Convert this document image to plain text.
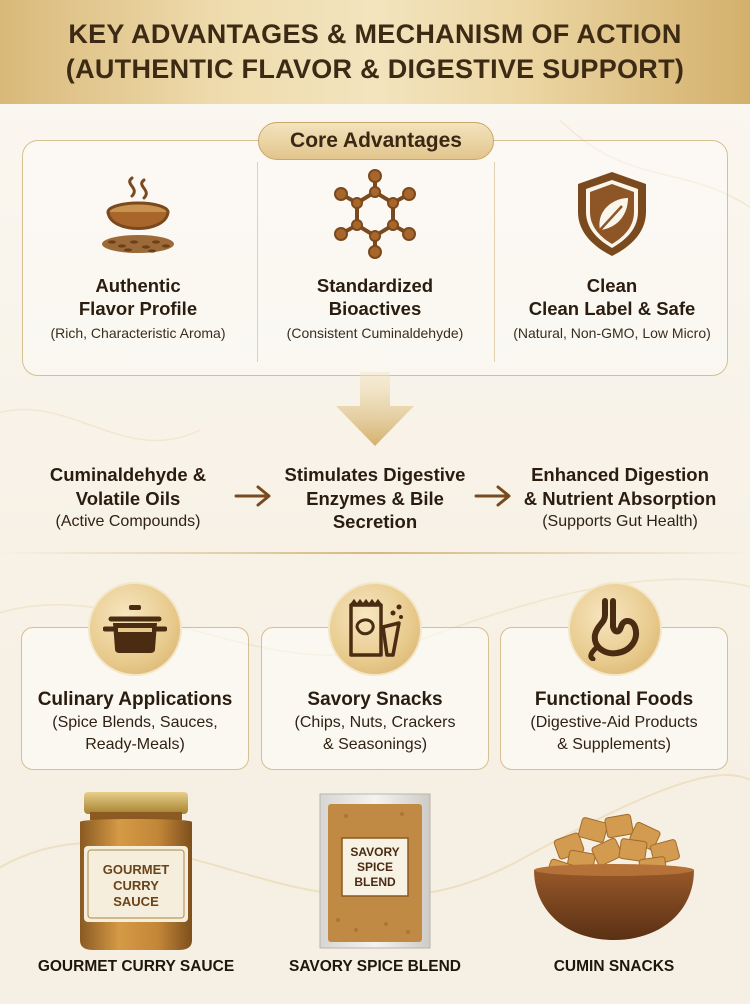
KEY ADVANTAGES & MECHANISM OF ACTION
(AUTHENTIC FLAVOR & DIGESTIVE SUPPORT)
Core Advantages
Authentic
Flavor Profile
(Rich, Characteristic Aroma)
Standardized
Bioactives
(Consistent Cuminaldehyde)
Clean
Clean Label & Safe
(Natural, Non-GMO, Low Micro)
Cuminaldehyde &
Volatile Oils
(Active Compounds)
Stimulates Digestive
Enzymes & Bile
Secretion
Enhanced Digestion
& Nutrient Absorption
(Supports Gut Health)
Culinary Applications
(Spice Blends, Sauces,
Ready-Meals)
Savory Snacks
(Chips, Nuts, Crackers
& Seasonings)
Functional Foods
(Digestive-Aid Products
& Supplements)
GOURMET
CURRY
SAUCE
SAVORY
SPICE
BLEND
GOURMET CURRY SAUCE	SAVORY SPICE BLEND	CUMIN SNACKS
